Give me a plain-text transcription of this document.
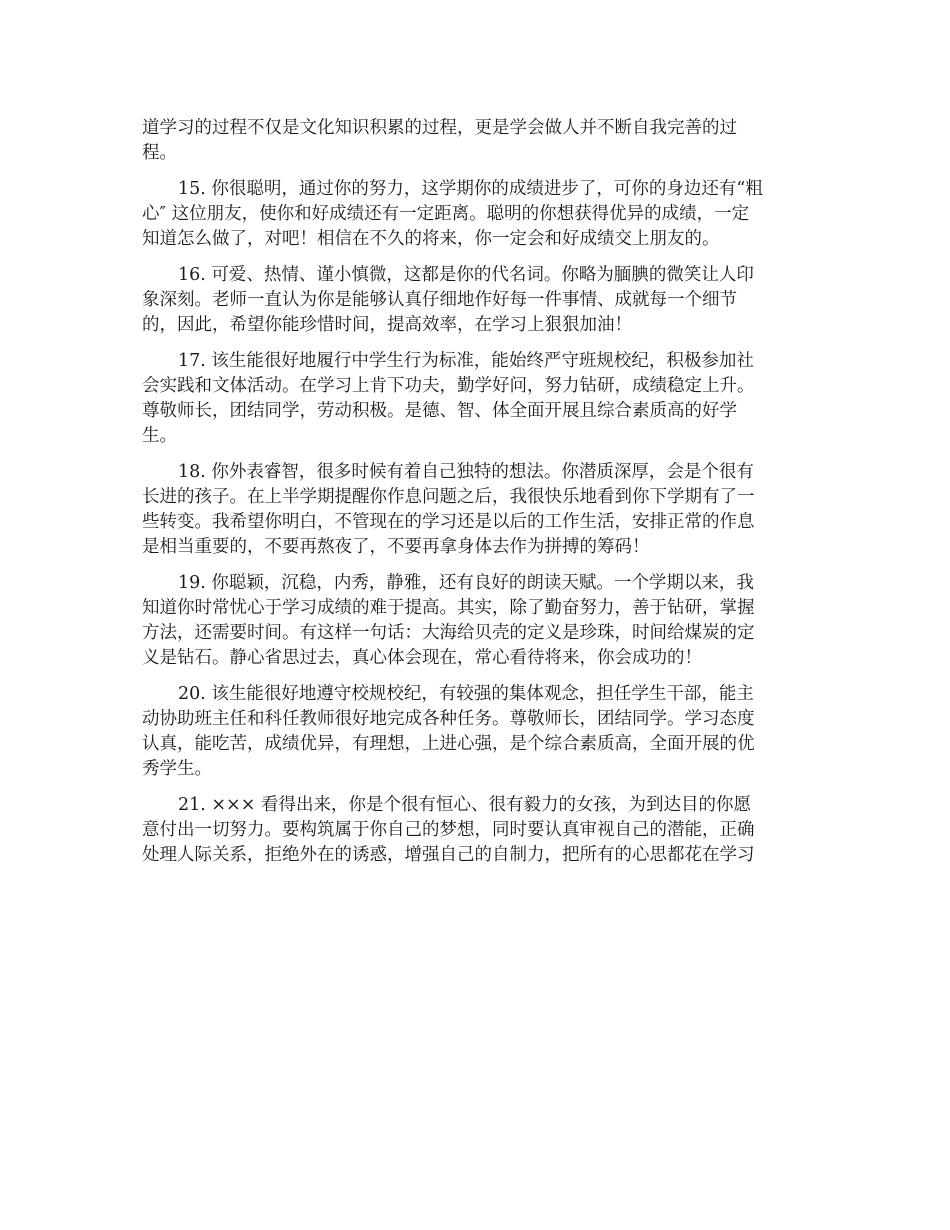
道学习的过程不仅是文化知识积累的过程，更是学会做人并不断自我完善的过
程。
15. 你很聪明，通过你的努力，这学期你的成绩进步了，可你的身边还有“粗
心″ 这位朋友，使你和好成绩还有一定距离。聪明的你想获得优异的成绩，一定
知道怎么做了，对吧！相信在不久的将来，你一定会和好成绩交上朋友的。
16. 可爱、热情、谨小慎微，这都是你的代名词。你略为腼腆的微笑让人印
象深刻。老师一直认为你是能够认真仔细地作好每一件事情、成就每一个细节
的，因此，希望你能珍惜时间，提高效率，在学习上狠狠加油！
17. 该生能很好地履行中学生行为标准，能始终严守班规校纪，积极参加社
会实践和文体活动。在学习上肯下功夫，勤学好问，努力钻研，成绩稳定上升。
尊敬师长，团结同学，劳动积极。是德、智、体全面开展且综合素质高的好学
生。
18. 你外表睿智，很多时候有着自己独特的想法。你潜质深厚，会是个很有
长进的孩子。在上半学期提醒你作息问题之后，我很快乐地看到你下学期有了一
些转变。我希望你明白，不管现在的学习还是以后的工作生活，安排正常的作息
是相当重要的，不要再熬夜了，不要再拿身体去作为拼搏的筹码！
19. 你聪颖，沉稳，内秀，静雅，还有良好的朗读天赋。一个学期以来，我
知道你时常忧心于学习成绩的难于提高。其实，除了勤奋努力，善于钻研，掌握
方法，还需要时间。有这样一句话：大海给贝壳的定义是珍珠，时间给煤炭的定
义是钻石。静心省思过去，真心体会现在，常心看待将来，你会成功的！
20. 该生能很好地遵守校规校纪，有较强的集体观念，担任学生干部，能主
动协助班主任和科任教师很好地完成各种任务。尊敬师长，团结同学。学习态度
认真，能吃苦，成绩优异，有理想，上进心强，是个综合素质高，全面开展的优
秀学生。
21. ××× 看得出来，你是个很有恒心、很有毅力的女孩，为到达目的你愿
意付出一切努力。要构筑属于你自己的梦想，同时要认真审视自己的潜能，正确
处理人际关系，拒绝外在的诱惑，增强自己的自制力，把所有的心思都花在学习
